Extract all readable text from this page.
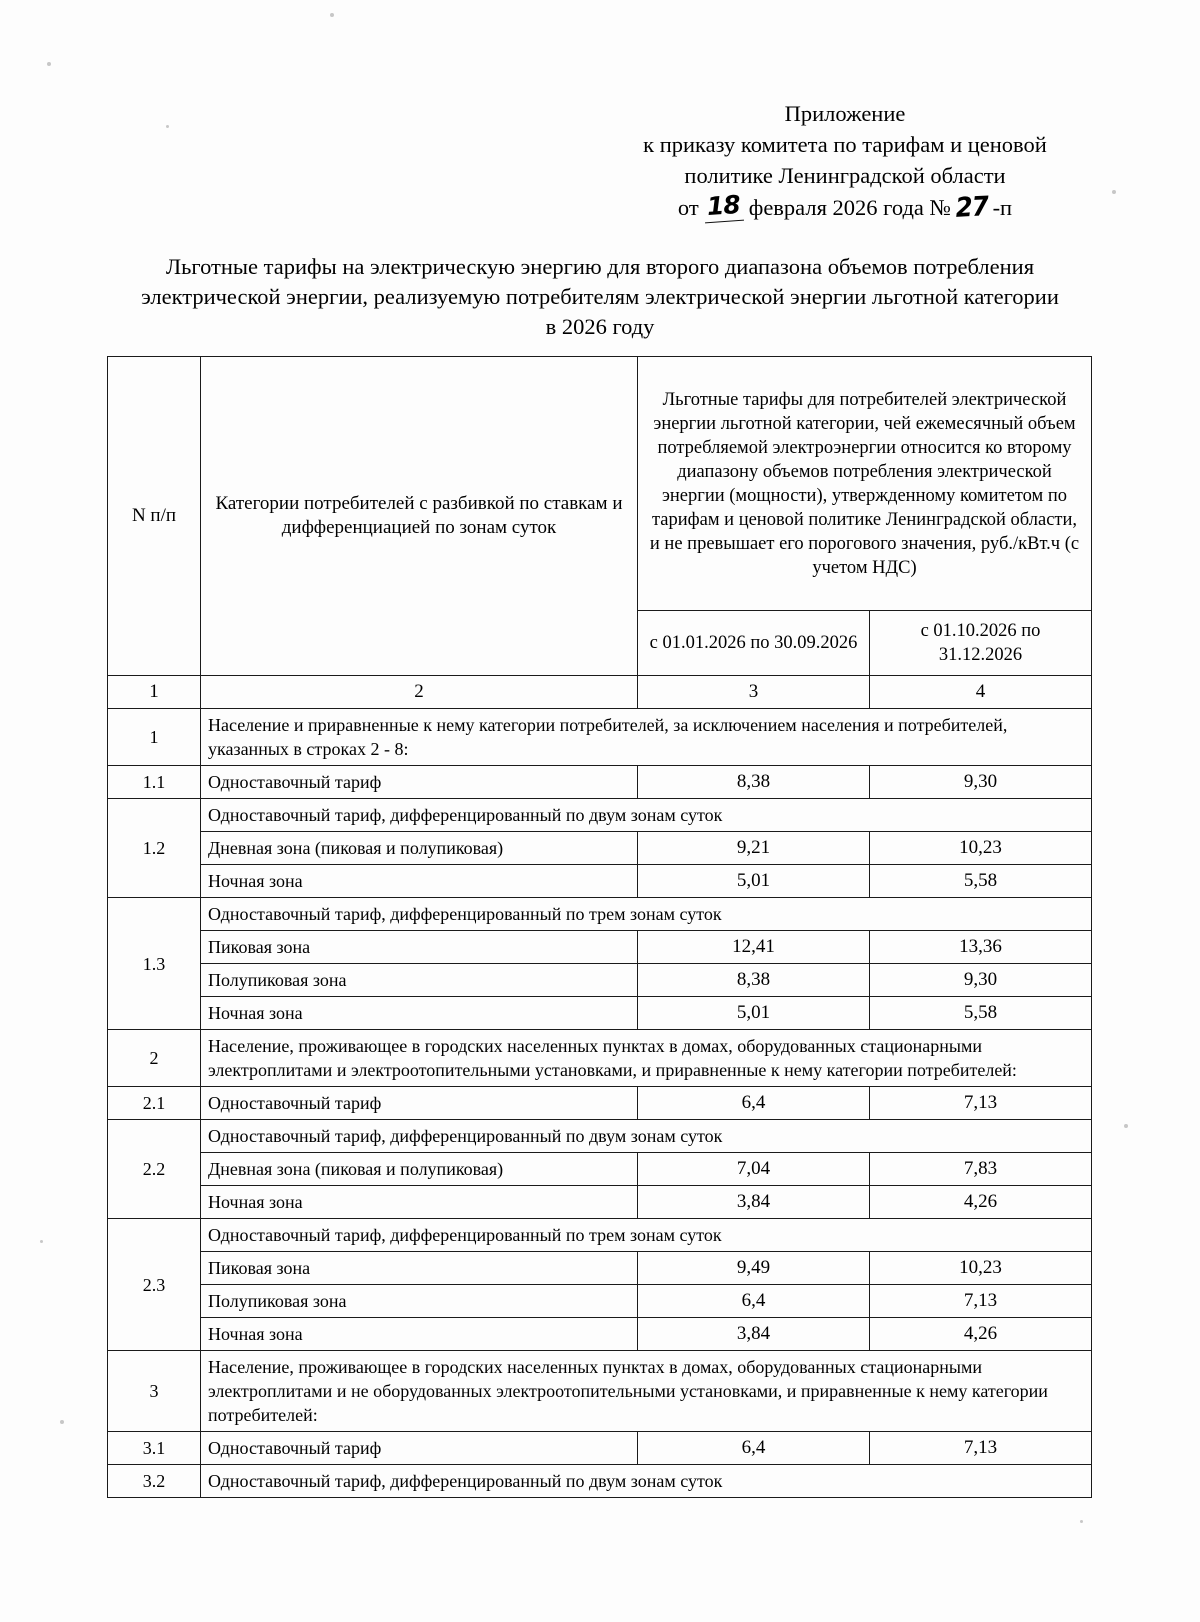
Приложение
к приказу комитета по тарифам и ценовой
политике Ленинградской области
от 18 февраля 2026 года № 27 -п
Льготные тарифы на электрическую энергию для второго диапазона объемов потребления
электрической энергии, реализуемую потребителям электрической энергии льготной категории
в 2026 году
N п/п	Категории потребителей с разбивкой по ставкам и дифференциацией по зонам суток	Льготные тарифы для потребителей электрической энергии льготной категории, чей ежемесячный объем потребляемой электроэнергии относится ко второму диапазону объемов потребления электрической энергии (мощности), утвержденному комитетом по тарифам и ценовой политике Ленинградской области, и не превышает его порогового значения, руб./кВт.ч (с учетом НДС)	
		с 01.01.2026 по 30.09.2026	с 01.10.2026 по 31.12.2026
1	2	3	4
1	Население и приравненные к нему категории потребителей, за исключением населения и потребителей, указанных в строках 2 - 8:		
1.1	Одноставочный тариф	8,38	9,30
1.2	Одноставочный тариф, дифференцированный по двум зонам суток		
	Дневная зона (пиковая и полупиковая)	9,21	10,23
	Ночная зона	5,01	5,58
1.3	Одноставочный тариф, дифференцированный по трем зонам суток		
	Пиковая зона	12,41	13,36
	Полупиковая зона	8,38	9,30
	Ночная зона	5,01	5,58
2	Население, проживающее в городских населенных пунктах в домах, оборудованных стационарными электроплитами и электроотопительными установками, и приравненные к нему категории потребителей:		
2.1	Одноставочный тариф	6,4	7,13
2.2	Одноставочный тариф, дифференцированный по двум зонам суток		
	Дневная зона (пиковая и полупиковая)	7,04	7,83
	Ночная зона	3,84	4,26
2.3	Одноставочный тариф, дифференцированный по трем зонам суток		
	Пиковая зона	9,49	10,23
	Полупиковая зона	6,4	7,13
	Ночная зона	3,84	4,26
3	Население, проживающее в городских населенных пунктах в домах, оборудованных стационарными электроплитами и не оборудованных электроотопительными установками, и приравненные к нему категории потребителей:		
3.1	Одноставочный тариф	6,4	7,13
3.2	Одноставочный тариф, дифференцированный по двум зонам суток		
